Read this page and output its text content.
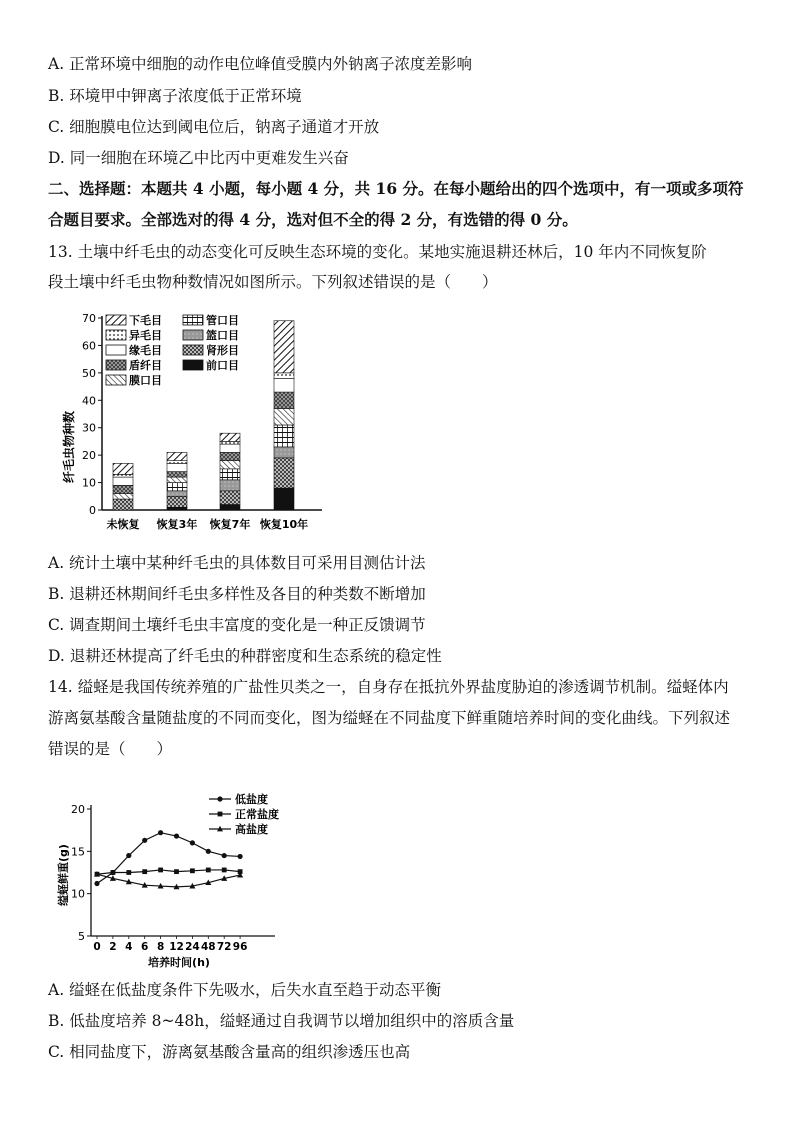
A. 正常环境中细胞的动作电位峰值受膜内外钠离子浓度差影响
B. 环境甲中钾离子浓度低于正常环境
C. 细胞膜电位达到阈电位后，钠离子通道才开放
D. 同一细胞在环境乙中比丙中更难发生兴奋
二、选择题：本题共 4 小题，每小题 4 分，共 16 分。在每小题给出的四个选项中，有一项或多项符
合题目要求。全部选对的得 4 分，选对但不全的得 2 分，有选错的得 0 分。
13. 土壤中纤毛虫的动态变化可反映生态环境的变化。某地实施退耕还林后，10 年内不同恢复阶
段土壤中纤毛虫物种数情况如图所示。下列叙述错误的是（　　）
纤毛虫物种数
0
10
20
30
40
50
60
70
未恢复 恢复3年 恢复7年 恢复10年
下毛目
异毛目
缘毛目
盾纤目
膜口目
管口目
篮口目
肾形目
前口目
A. 统计土壤中某种纤毛虫的具体数目可采用目测估计法
B. 退耕还林期间纤毛虫多样性及各目的种类数不断增加
C. 调查期间土壤纤毛虫丰富度的变化是一种正反馈调节
D. 退耕还林提高了纤毛虫的种群密度和生态系统的稳定性
14. 缢蛏是我国传统养殖的广盐性贝类之一，自身存在抵抗外界盐度胁迫的渗透调节机制。缢蛏体内
游离氨基酸含量随盐度的不同而变化，图为缢蛏在不同盐度下鲜重随培养时间的变化曲线。下列叙述
错误的是（　　）
缢蛏鲜重(g)
培养时间(h)
5
10
15
20
0 2 4 6 8 12 24 48 72 96
低盐度
正常盐度
高盐度
A. 缢蛏在低盐度条件下先吸水，后失水直至趋于动态平衡
B. 低盐度培养 8~48h，缢蛏通过自我调节以增加组织中的溶质含量
C. 相同盐度下，游离氨基酸含量高的组织渗透压也高
